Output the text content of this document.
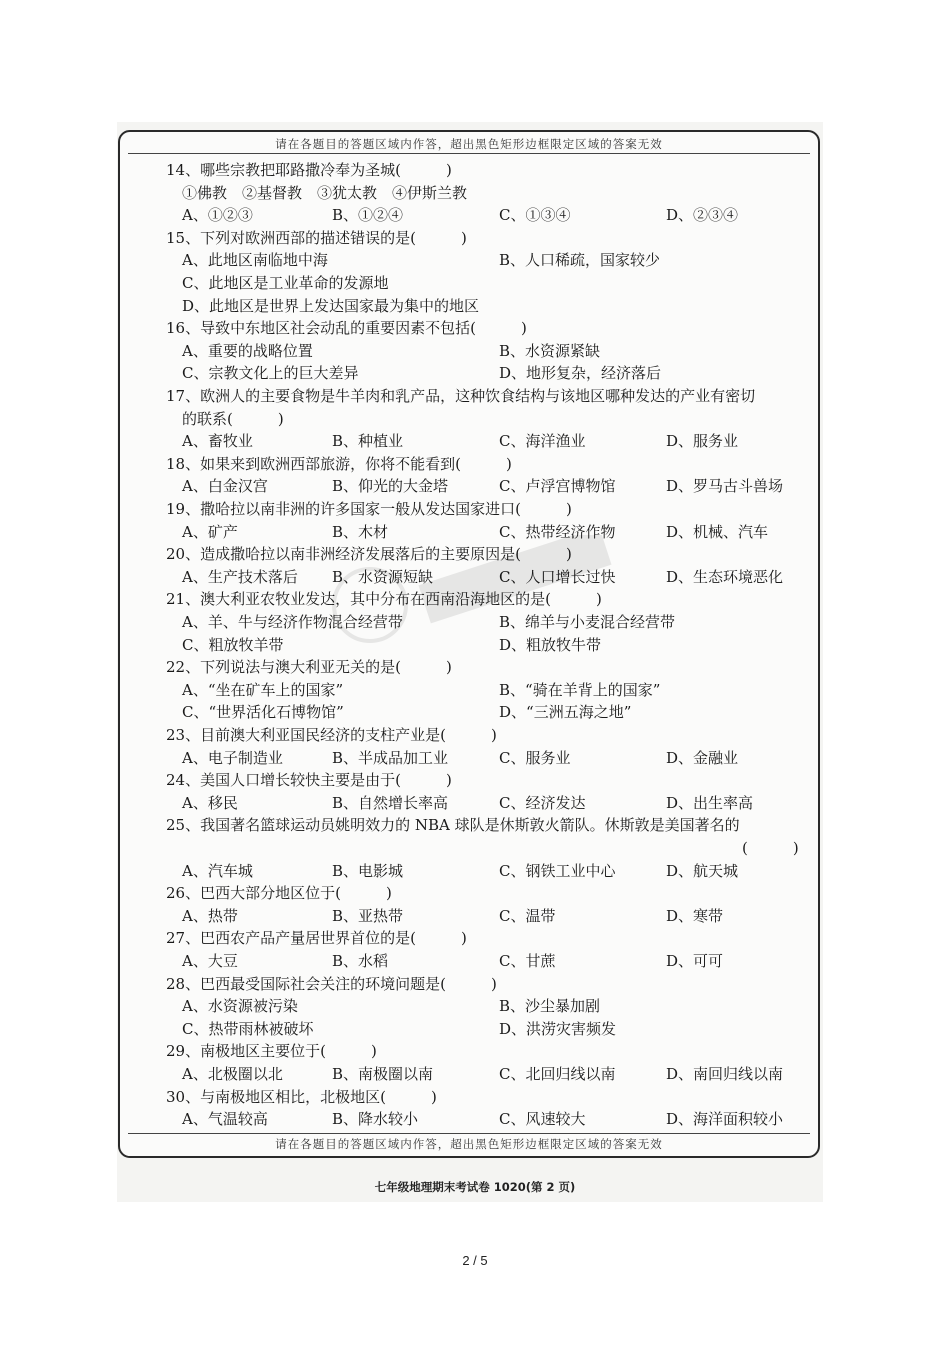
请在各题目的答题区域内作答，超出黑色矩形边框限定区域的答案无效
14、哪些宗教把耶路撒冷奉为圣城(　　　)
①佛教　②基督教　③犹太教　④伊斯兰教
A、①②③	B、①②④	C、①③④	D、②③④
15、下列对欧洲西部的描述错误的是(　　　)
A、此地区南临地中海	B、人口稀疏，国家较少
C、此地区是工业革命的发源地
D、此地区是世界上发达国家最为集中的地区
16、导致中东地区社会动乱的重要因素不包括(　　　)
A、重要的战略位置	B、水资源紧缺
C、宗教文化上的巨大差异	D、地形复杂，经济落后
17、欧洲人的主要食物是牛羊肉和乳产品，这种饮食结构与该地区哪种发达的产业有密切
的联系(　　　)
A、畜牧业	B、种植业	C、海洋渔业	D、服务业
18、如果来到欧洲西部旅游，你将不能看到(　　　)
A、白金汉宫	B、仰光的大金塔	C、卢浮宫博物馆	D、罗马古斗兽场
19、撒哈拉以南非洲的许多国家一般从发达国家进口(　　　)
A、矿产	B、木材	C、热带经济作物	D、机械、汽车
20、造成撒哈拉以南非洲经济发展落后的主要原因是(　　　)
A、生产技术落后 B、水资源短缺	C、人口增长过快	D、生态环境恶化
21、澳大利亚农牧业发达，其中分布在西南沿海地区的是(　　　)
A、羊、牛与经济作物混合经营带	B、绵羊与小麦混合经营带
C、粗放牧羊带	D、粗放牧牛带
22、下列说法与澳大利亚无关的是(　　　)
A、“坐在矿车上的国家”	B、“骑在羊背上的国家”
C、“世界活化石博物馆”	D、“三洲五海之地”
23、目前澳大利亚国民经济的支柱产业是(　　　)
A、电子制造业	B、半成品加工业	C、服务业	D、金融业
24、美国人口增长较快主要是由于(　　　)
A、移民	B、自然增长率高	C、经济发达	D、出生率高
25、我国著名篮球运动员姚明效力的 NBA 球队是休斯敦火箭队。休斯敦是美国著名的
(　　　)
A、汽车城	B、电影城	C、钢铁工业中心	D、航天城
26、巴西大部分地区位于(　　　)
A、热带	B、亚热带	C、温带	D、寒带
27、巴西农产品产量居世界首位的是(　　　)
A、大豆	B、水稻	C、甘蔗	D、可可
28、巴西最受国际社会关注的环境问题是(　　　)
A、水资源被污染	B、沙尘暴加剧
C、热带雨林被破坏	D、洪涝灾害频发
29、南极地区主要位于(　　　)
A、北极圈以北	B、南极圈以南	C、北回归线以南	D、南回归线以南
30、与南极地区相比，北极地区(　　　)
A、气温较高	B、降水较小	C、风速较大	D、海洋面积较小
请在各题目的答题区域内作答，超出黑色矩形边框限定区域的答案无效
七年级地理期末考试卷 1020(第 2 页)
2 / 5
